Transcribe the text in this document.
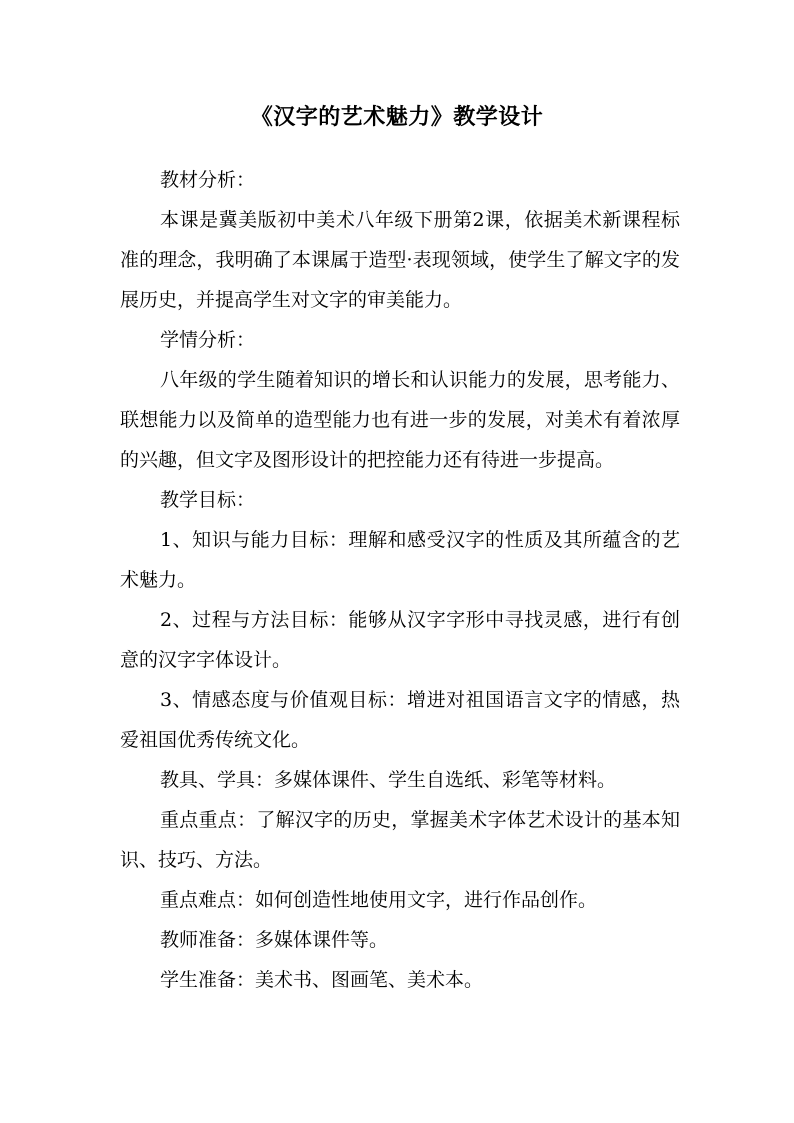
《汉字的艺术魅力》教学设计

教材分析：

本课是冀美版初中美术八年级下册第2课，依据美术新课程标准的理念，我明确了本课属于造型·表现领域，使学生了解文字的发展历史，并提高学生对文字的审美能力。

学情分析：

八年级的学生随着知识的增长和认识能力的发展，思考能力、联想能力以及简单的造型能力也有进一步的发展，对美术有着浓厚的兴趣，但文字及图形设计的把控能力还有待进一步提高。

教学目标：

1、知识与能力目标：理解和感受汉字的性质及其所蕴含的艺术魅力。

2、过程与方法目标：能够从汉字字形中寻找灵感，进行有创意的汉字字体设计。

3、情感态度与价值观目标：增进对祖国语言文字的情感，热爱祖国优秀传统文化。

教具、学具：多媒体课件、学生自选纸、彩笔等材料。

重点重点：了解汉字的历史，掌握美术字体艺术设计的基本知识、技巧、方法。

重点难点：如何创造性地使用文字，进行作品创作。

教师准备：多媒体课件等。

学生准备：美术书、图画笔、美术本。
